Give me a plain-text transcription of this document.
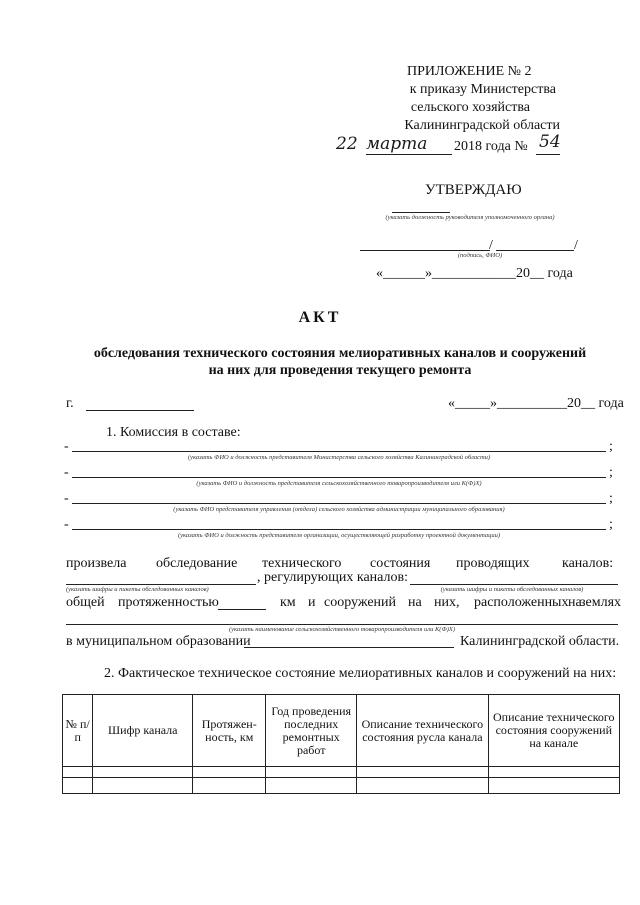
ПРИЛОЖЕНИЕ № 2
к приказу Министерства
сельского хозяйства
Калининградской области
22 марта 2018 года № 54
УТВЕРЖДАЮ
(указать должность руководителя уполномоченного органа)
/	/
(подпись, ФИО)
«______»____________20__ года
АКТ
обследования технического состояния мелиоративных каналов и сооружений
на них для проведения текущего ремонта
г.	«_____»__________20__ года
1. Комиссия в составе:
-	;
(указать ФИО и должность представителя Министерства сельского хозяйства Калининградской области)
-	;
(указать ФИО и должность представителя сельскохозяйственного товаропроизводителя или К(Ф)Х)
-	;
(указать ФИО представителя управления (отдела) сельского хозяйства администрации муниципального образования)
-	;
(указать ФИО и должность представителя организации, осуществляющей разработку проектной документации)
произвела обследование технического состояния проводящих каналов:
, регулирующих каналов:
(указать шифры и пикеты обследованных каналов)	(указать шифры и пикеты обследованных каналов)
общей протяженностью	км и сооружений на них, расположенных на
землях
(указать наименование сельскохозяйственного товаропроизводителя или К(Ф)Х)
в муниципальном образовании	Калининградской области.
2. Фактическое техническое состояние мелиоративных каналов и сооружений на них:
№ п/п	Шифр канала	Протяжен-ность, км	Год проведения последних ремонтных работ	Описание технического состояния русла канала	Описание технического состояния сооружений на канале
